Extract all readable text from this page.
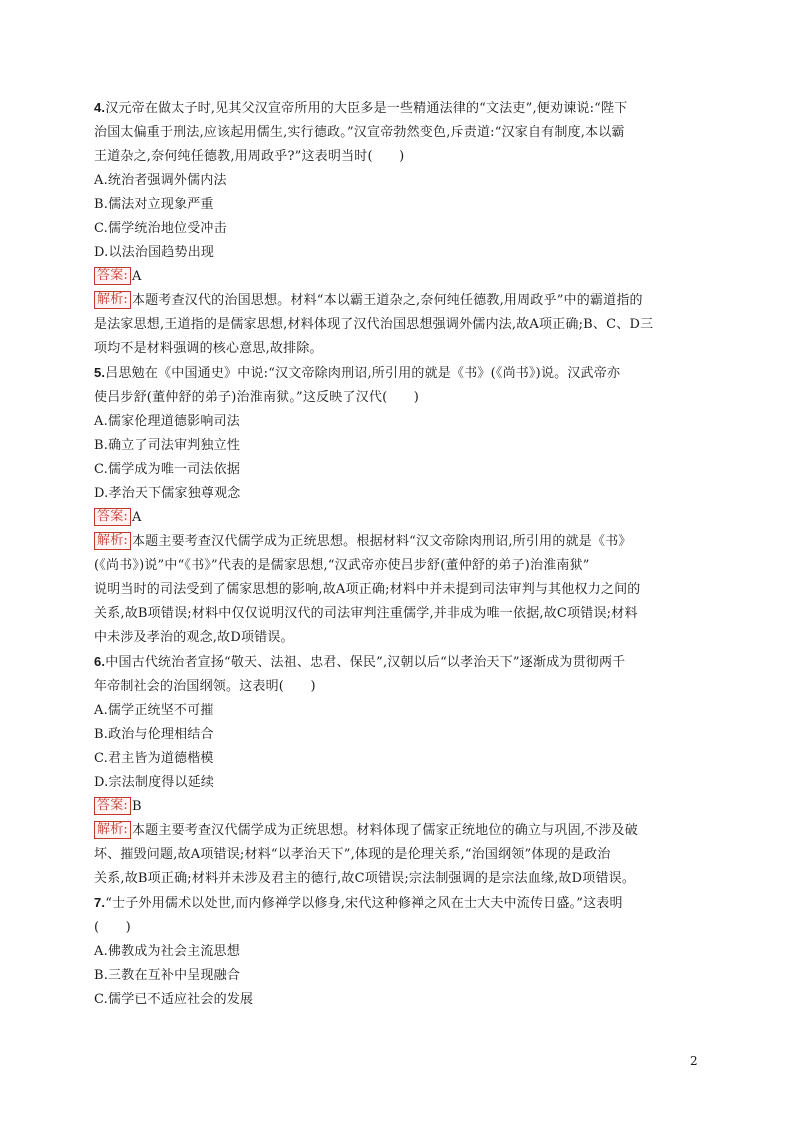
4.汉元帝在做太子时,见其父汉宣帝所用的大臣多是一些精通法律的“文法吏”,便劝谏说:“陛下
治国太偏重于刑法,应该起用儒生,实行德政。”汉宣帝勃然变色,斥责道:“汉家自有制度,本以霸
王道杂之,奈何纯任德教,用周政乎?”这表明当时(　　)
A.统治者强调外儒内法
B.儒法对立现象严重
C.儒学统治地位受冲击
D.以法治国趋势出现
答案: A
解析: 本题考查汉代的治国思想。材料“本以霸王道杂之,奈何纯任德教,用周政乎”中的霸道指的
是法家思想,王道指的是儒家思想,材料体现了汉代治国思想强调外儒内法,故A项正确;B、C、D三
项均不是材料强调的核心意思,故排除。
5.吕思勉在《中国通史》中说:“汉文帝除肉刑诏,所引用的就是《书》(《尚书》)说。汉武帝亦
使吕步舒(董仲舒的弟子)治淮南狱。”这反映了汉代(　　)
A.儒家伦理道德影响司法
B.确立了司法审判独立性
C.儒学成为唯一司法依据
D.孝治天下儒家独尊观念
答案: A
解析: 本题主要考查汉代儒学成为正统思想。根据材料“汉文帝除肉刑诏,所引用的就是《书》
(《尚书》)说”中“《书》”代表的是儒家思想,“汉武帝亦使吕步舒(董仲舒的弟子)治淮南狱”
说明当时的司法受到了儒家思想的影响,故A项正确;材料中并未提到司法审判与其他权力之间的
关系,故B项错误;材料中仅仅说明汉代的司法审判注重儒学,并非成为唯一依据,故C项错误;材料
中未涉及孝治的观念,故D项错误。
6.中国古代统治者宣扬“敬天、法祖、忠君、保民”,汉朝以后“以孝治天下”逐渐成为贯彻两千
年帝制社会的治国纲领。这表明(　　)
A.儒学正统坚不可摧
B.政治与伦理相结合
C.君主皆为道德楷模
D.宗法制度得以延续
答案: B
解析: 本题主要考查汉代儒学成为正统思想。材料体现了儒家正统地位的确立与巩固,不涉及破
坏、摧毁问题,故A项错误;材料“以孝治天下”,体现的是伦理关系,“治国纲领”体现的是政治
关系,故B项正确;材料并未涉及君主的德行,故C项错误;宗法制强调的是宗法血缘,故D项错误。
7.“士子外用儒术以处世,而内修禅学以修身,宋代这种修禅之风在士大夫中流传日盛。”这表明
(　　)
A.佛教成为社会主流思想
B.三教在互补中呈现融合
C.儒学已不适应社会的发展
2
